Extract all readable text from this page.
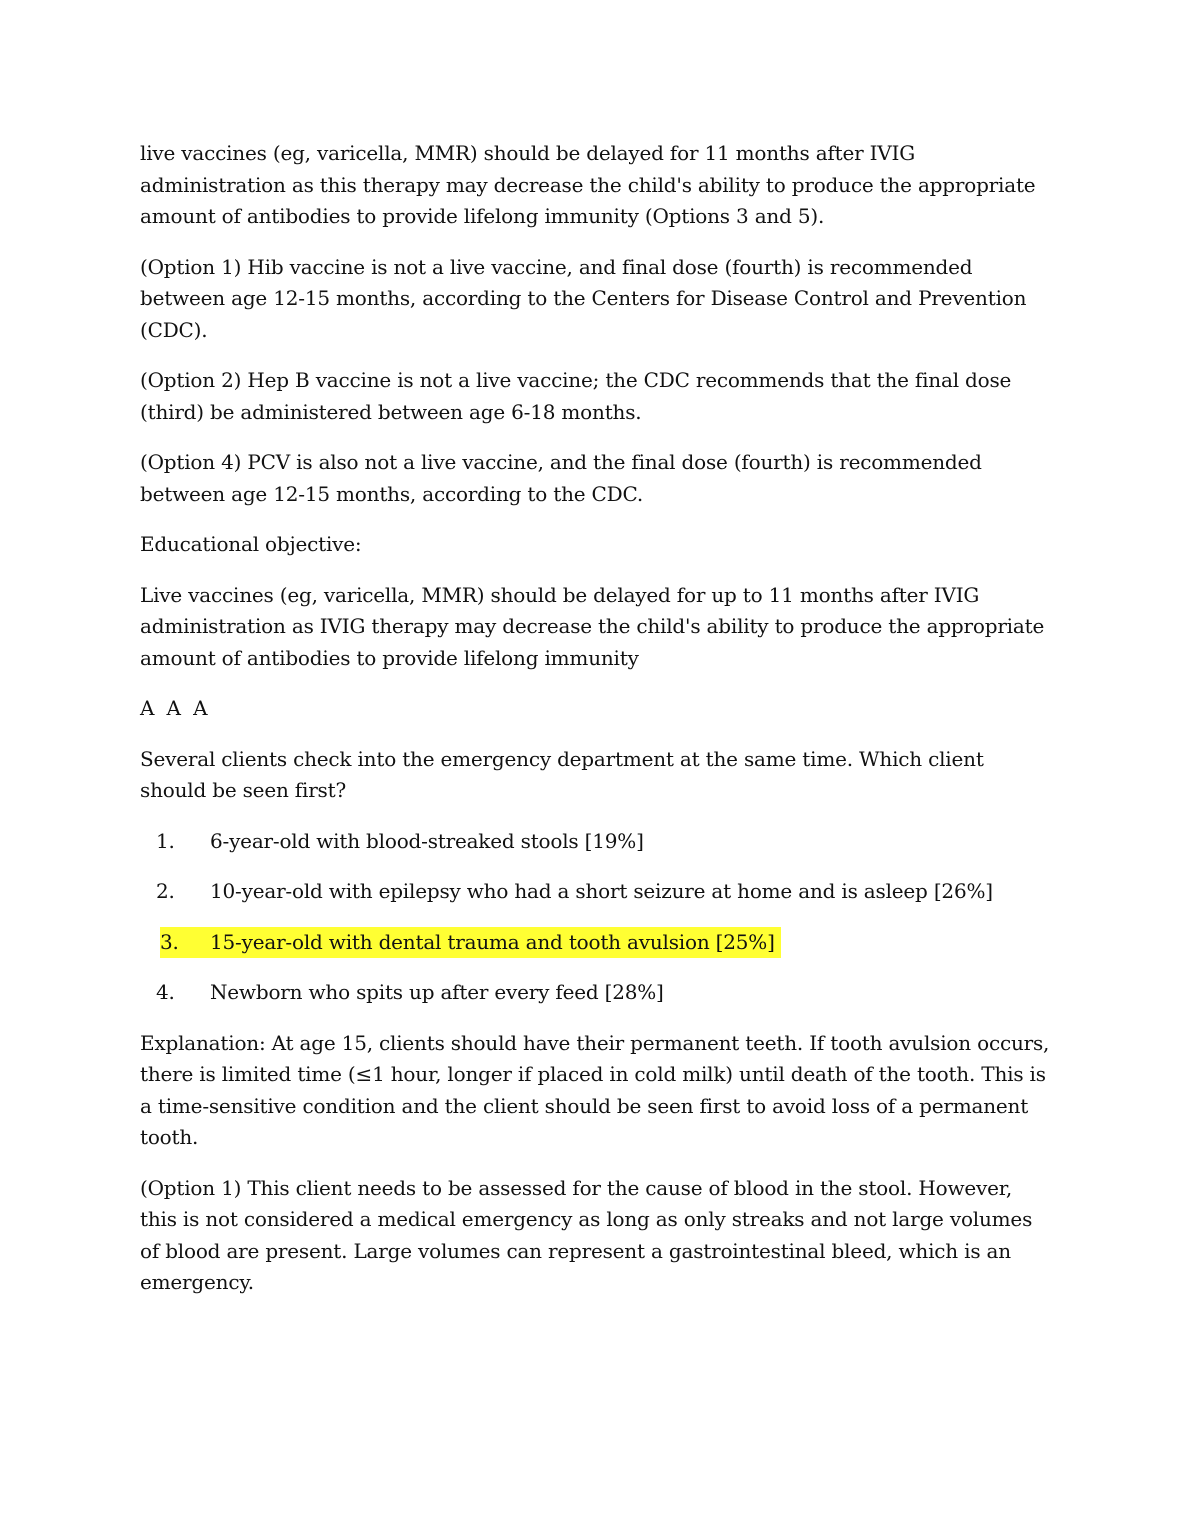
live vaccines (eg, varicella, MMR) should be delayed for 11 months after IVIG administration as this therapy may decrease the child's ability to produce the appropriate amount of antibodies to provide lifelong immunity (Options 3 and 5).

(Option 1) Hib vaccine is not a live vaccine, and final dose (fourth) is recommended between age 12-15 months, according to the Centers for Disease Control and Prevention (CDC).

(Option 2) Hep B vaccine is not a live vaccine; the CDC recommends that the final dose (third) be administered between age 6-18 months.

(Option 4) PCV is also not a live vaccine, and the final dose (fourth) is recommended between age 12-15 months, according to the CDC.

Educational objective:

Live vaccines (eg, varicella, MMR) should be delayed for up to 11 months after IVIG administration as IVIG therapy may decrease the child's ability to produce the appropriate amount of antibodies to provide lifelong immunity

A  A  A

Several clients check into the emergency department at the same time. Which client should be seen first?

1. 6-year-old with blood-streaked stools [19%]
2. 10-year-old with epilepsy who had a short seizure at home and is asleep [26%]
3. 15-year-old with dental trauma and tooth avulsion [25%]
4. Newborn who spits up after every feed [28%]

Explanation: At age 15, clients should have their permanent teeth. If tooth avulsion occurs, there is limited time (≤1 hour, longer if placed in cold milk) until death of the tooth. This is a time-sensitive condition and the client should be seen first to avoid loss of a permanent tooth.

(Option 1) This client needs to be assessed for the cause of blood in the stool. However, this is not considered a medical emergency as long as only streaks and not large volumes of blood are present. Large volumes can represent a gastrointestinal bleed, which is an emergency.
